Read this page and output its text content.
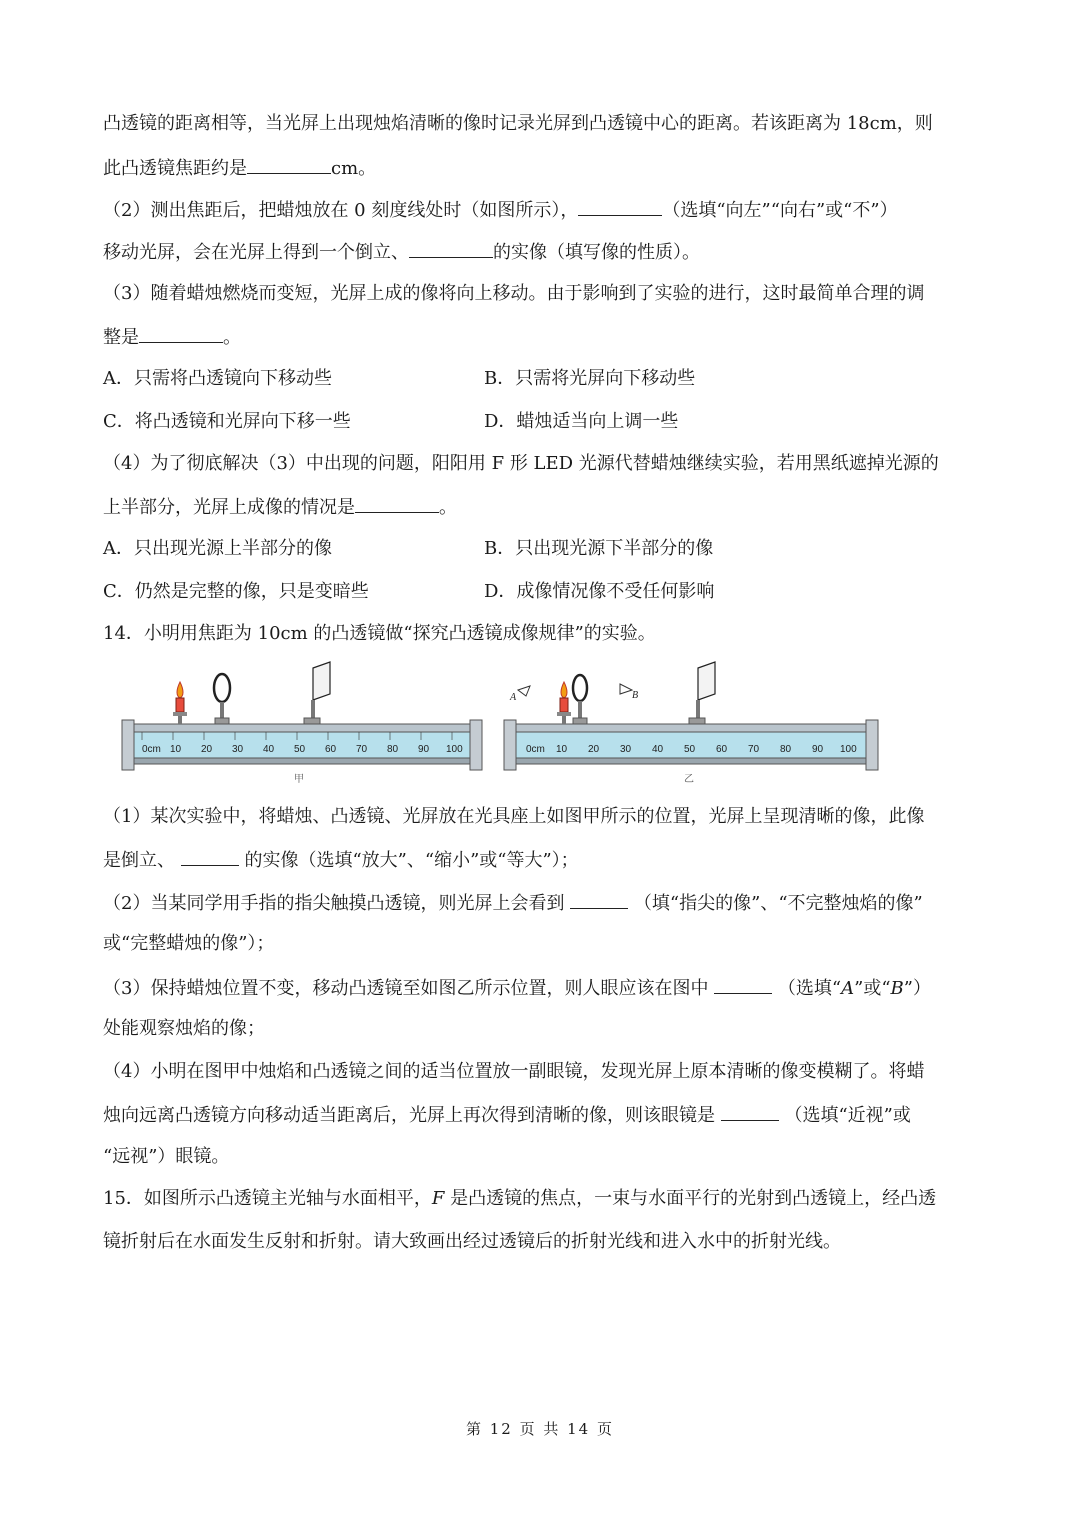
凸透镜的距离相等，当光屏上出现烛焰清晰的像时记录光屏到凸透镜中心的距离。若该距离为 18cm，则
此凸透镜焦距约是	cm。
（2）测出焦距后，把蜡烛放在 0 刻度线处时（如图所示），	（选填“向左”“向右”或“不”）
移动光屏，会在光屏上得到一个倒立、	的实像（填写像的性质）。
（3）随着蜡烛燃烧而变短，光屏上成的像将向上移动。由于影响到了实验的进行，这时最简单合理的调
整是	。
A．只需将凸透镜向下移动些	B．只需将光屏向下移动些
C．将凸透镜和光屏向下移一些	D．蜡烛适当向上调一些
（4）为了彻底解决（3）中出现的问题，阳阳用 F 形 LED 光源代替蜡烛继续实验，若用黑纸遮掉光源的
上半部分，光屏上成像的情况是	。
A．只出现光源上半部分的像	B．只出现光源下半部分的像
C．仍然是完整的像，只是变暗些	D．成像情况像不受任何影响
14．小明用焦距为 10cm 的凸透镜做“探究凸透镜成像规律”的实验。
0cm 10 20 30 40 50 60 70 80 90 100
甲
0cm 10 20 30 40 50 60 70 80 90 100
A	B
乙
（1）某次实验中，将蜡烛、凸透镜、光屏放在光具座上如图甲所示的位置，光屏上呈现清晰的像，此像
是倒立、	的实像（选填“放大”、“缩小”或“等大”）；
（2）当某同学用手指的指尖触摸凸透镜，则光屏上会看到	（填“指尖的像”、“不完整烛焰的像”
或“完整蜡烛的像”）；
（3）保持蜡烛位置不变，移动凸透镜至如图乙所示位置，则人眼应该在图中	（选填“A”或“B”）
处能观察烛焰的像；
（4）小明在图甲中烛焰和凸透镜之间的适当位置放一副眼镜，发现光屏上原本清晰的像变模糊了。将蜡
烛向远离凸透镜方向移动适当距离后，光屏上再次得到清晰的像，则该眼镜是	（选填“近视”或
“远视”）眼镜。
15．如图所示凸透镜主光轴与水面相平，F 是凸透镜的焦点，一束与水面平行的光射到凸透镜上，经凸透
镜折射后在水面发生反射和折射。请大致画出经过透镜后的折射光线和进入水中的折射光线。
第 12 页 共 14 页
